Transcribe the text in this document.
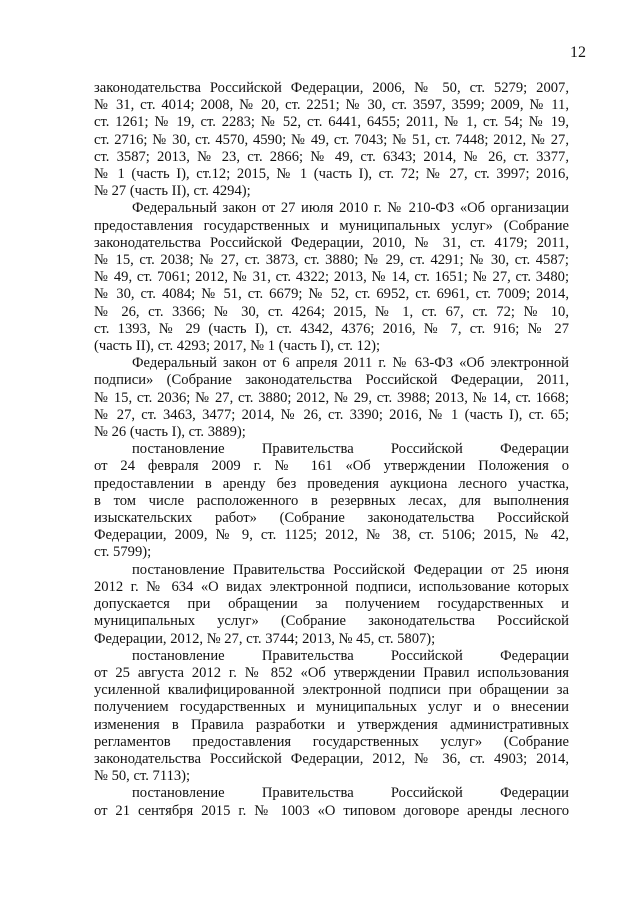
12

законодательства Российской Федерации, 2006, № 50, ст. 5279; 2007,
№ 31, ст. 4014; 2008, № 20, ст. 2251; № 30, ст. 3597, 3599; 2009, № 11,
ст. 1261; № 19, ст. 2283; № 52, ст. 6441, 6455; 2011, № 1, ст. 54; № 19,
ст. 2716; № 30, ст. 4570, 4590; № 49, ст. 7043; № 51, ст. 7448; 2012, № 27,
ст. 3587; 2013, № 23, ст. 2866; № 49, ст. 6343; 2014, № 26, ст. 3377,
№ 1 (часть I), ст.12; 2015, № 1 (часть I), ст. 72; № 27, ст. 3997; 2016,
№ 27 (часть II), ст. 4294);

Федеральный закон от 27 июля 2010 г. № 210-ФЗ «Об организации
предоставления государственных и муниципальных услуг» (Собрание
законодательства Российской Федерации, 2010, № 31, ст. 4179; 2011,
№ 15, ст. 2038; № 27, ст. 3873, ст. 3880; № 29, ст. 4291; № 30, ст. 4587;
№ 49, ст. 7061; 2012, № 31, ст. 4322; 2013, № 14, ст. 1651; № 27, ст. 3480;
№ 30, ст. 4084; № 51, ст. 6679; № 52, ст. 6952, ст. 6961, ст. 7009; 2014,
№ 26, ст. 3366; № 30, ст. 4264; 2015, № 1, ст. 67, ст. 72; № 10,
ст. 1393, № 29 (часть I), ст. 4342, 4376; 2016, № 7, ст. 916; № 27
(часть II), ст. 4293; 2017, № 1 (часть I), ст. 12);

Федеральный закон от 6 апреля 2011 г. № 63-ФЗ «Об электронной
подписи» (Собрание законодательства Российской Федерации, 2011,
№ 15, ст. 2036; № 27, ст. 3880; 2012, № 29, ст. 3988; 2013, № 14, ст. 1668;
№ 27, ст. 3463, 3477; 2014, № 26, ст. 3390; 2016, № 1 (часть I), ст. 65;
№ 26 (часть I), ст. 3889);

постановление Правительства Российской Федерации
от 24 февраля 2009 г. № 161 «Об утверждении Положения о
предоставлении в аренду без проведения аукциона лесного участка,
в том числе расположенного в резервных лесах, для выполнения
изыскательских работ» (Собрание законодательства Российской
Федерации, 2009, № 9, ст. 1125; 2012, № 38, ст. 5106; 2015, № 42,
ст. 5799);

постановление Правительства Российской Федерации от 25 июня
2012 г. № 634 «О видах электронной подписи, использование которых
допускается при обращении за получением государственных и
муниципальных услуг» (Собрание законодательства Российской
Федерации, 2012, № 27, ст. 3744; 2013, № 45, ст. 5807);

постановление Правительства Российской Федерации
от 25 августа 2012 г. № 852 «Об утверждении Правил использования
усиленной квалифицированной электронной подписи при обращении за
получением государственных и муниципальных услуг и о внесении
изменения в Правила разработки и утверждения административных
регламентов предоставления государственных услуг» (Собрание
законодательства Российской Федерации, 2012, № 36, ст. 4903; 2014,
№ 50, ст. 7113);

постановление Правительства Российской Федерации
от 21 сентября 2015 г. № 1003 «О типовом договоре аренды лесного
